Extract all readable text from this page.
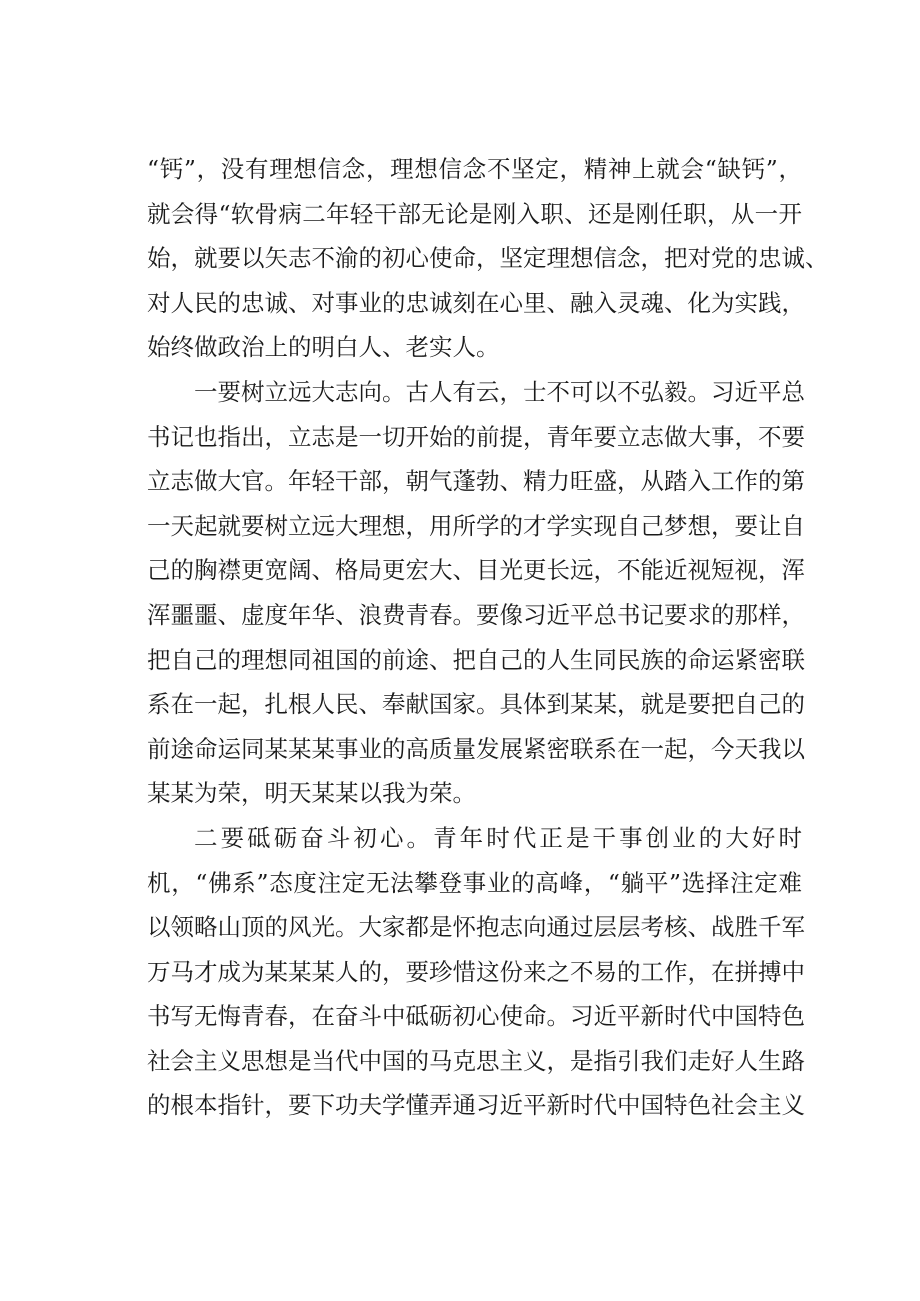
“钙”，没有理想信念，理想信念不坚定，精神上就会“缺钙”，
就会得“软骨病二年轻干部无论是刚入职、还是刚任职，从一开
始，就要以矢志不渝的初心使命，坚定理想信念，把对党的忠诚、
对人民的忠诚、对事业的忠诚刻在心里、融入灵魂、化为实践，
始终做政治上的明白人、老实人。
一要树立远大志向。古人有云，士不可以不弘毅。习近平总
书记也指出，立志是一切开始的前提，青年要立志做大事，不要
立志做大官。年轻干部，朝气蓬勃、精力旺盛，从踏入工作的第
一天起就要树立远大理想，用所学的才学实现自己梦想，要让自
己的胸襟更宽阔、格局更宏大、目光更长远，不能近视短视，浑
浑噩噩、虚度年华、浪费青春。要像习近平总书记要求的那样，
把自己的理想同祖国的前途、把自己的人生同民族的命运紧密联
系在一起，扎根人民、奉献国家。具体到某某，就是要把自己的
前途命运同某某某事业的高质量发展紧密联系在一起，今天我以
某某为荣，明天某某以我为荣。
二要砥砺奋斗初心。青年时代正是干事创业的大好时
机，“佛系”态度注定无法攀登事业的高峰，“躺平”选择注定难
以领略山顶的风光。大家都是怀抱志向通过层层考核、战胜千军
万马才成为某某某人的，要珍惜这份来之不易的工作，在拼搏中
书写无悔青春，在奋斗中砥砺初心使命。习近平新时代中国特色
社会主义思想是当代中国的马克思主义，是指引我们走好人生路
的根本指针，要下功夫学懂弄通习近平新时代中国特色社会主义
